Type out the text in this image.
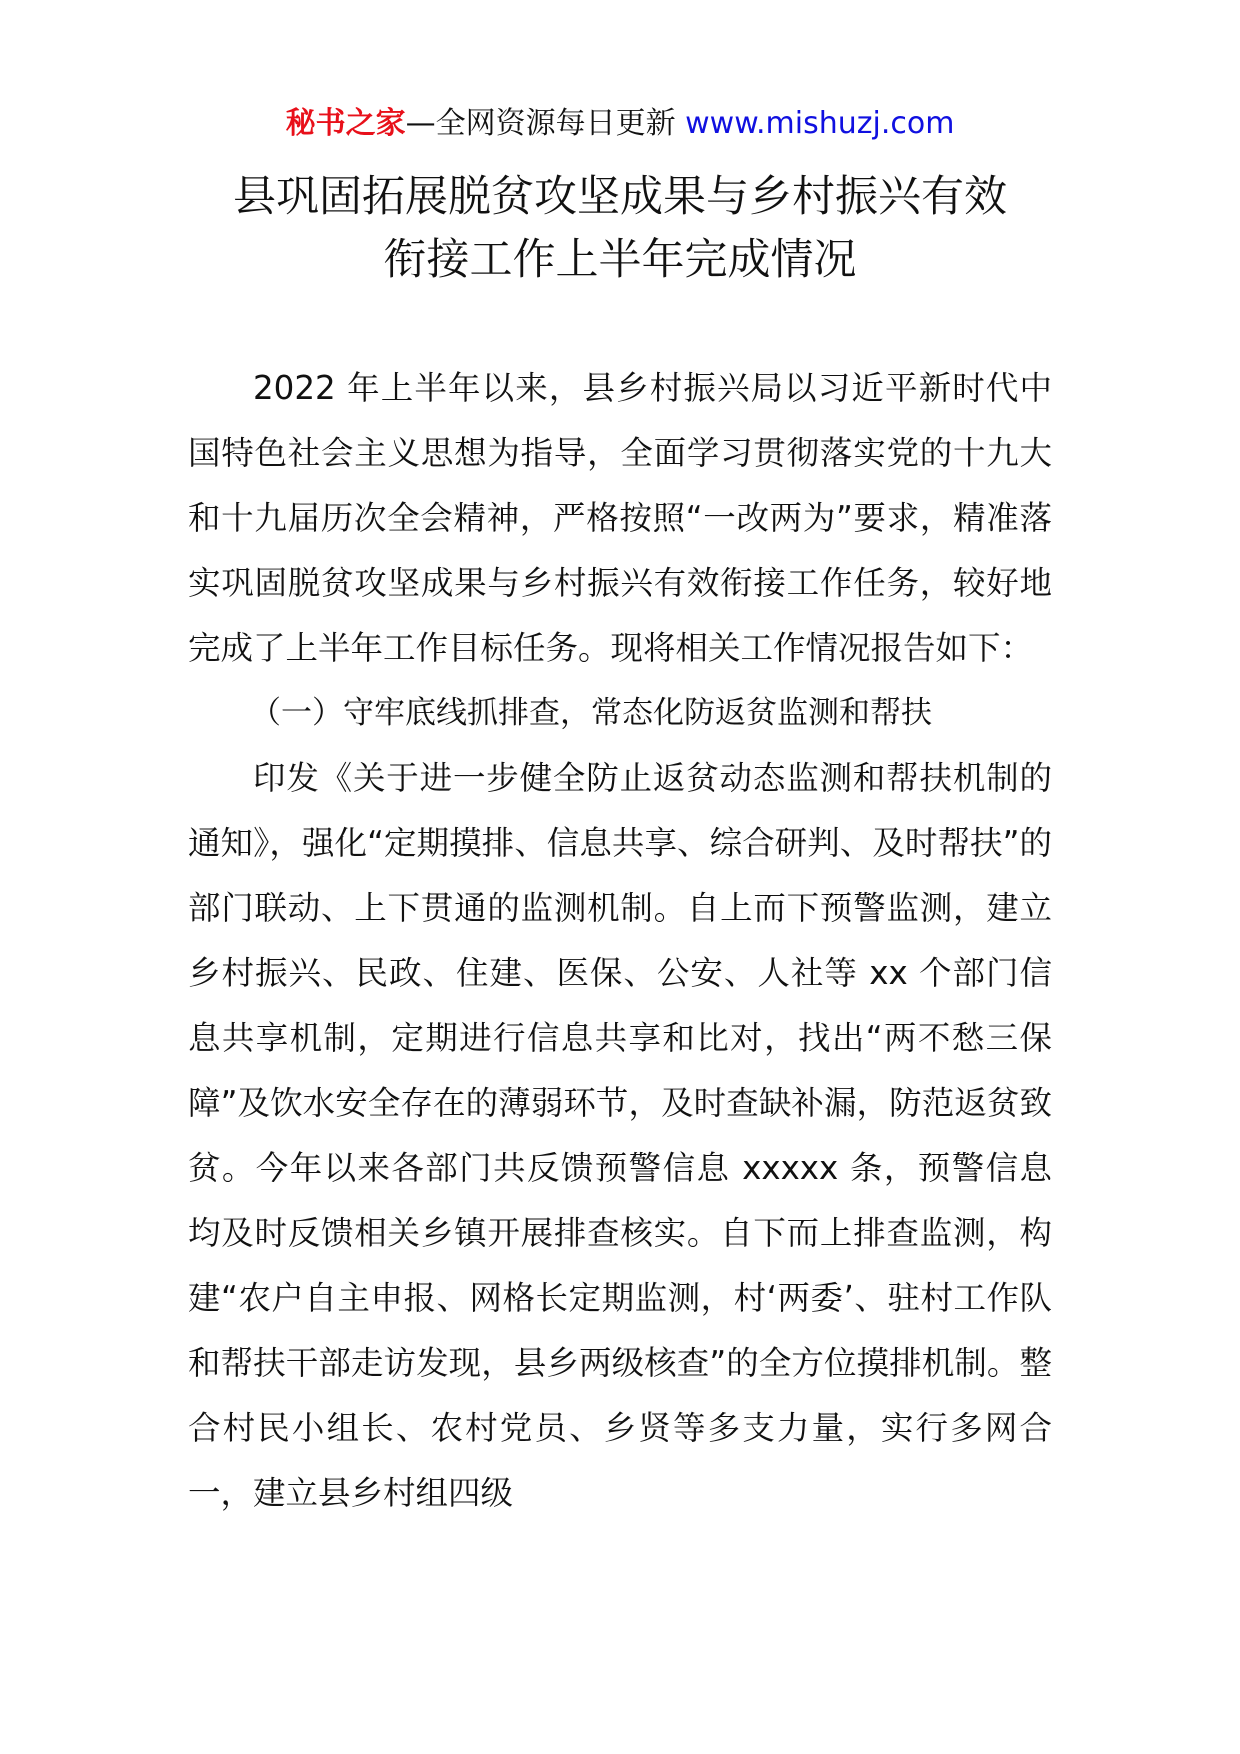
秘书之家—全网资源每日更新 www.mishuzj.com
县巩固拓展脱贫攻坚成果与乡村振兴有效
衔接工作上半年完成情况

2022 年上半年以来，县乡村振兴局以习近平新时代中国特色社会主义思想为指导，全面学习贯彻落实党的十九大和十九届历次全会精神，严格按照“一改两为”要求，精准落实巩固脱贫攻坚成果与乡村振兴有效衔接工作任务，较好地完成了上半年工作目标任务。现将相关工作情况报告如下：

（一）守牢底线抓排查，常态化防返贫监测和帮扶

印发《关于进一步健全防止返贫动态监测和帮扶机制的通知》，强化“定期摸排、信息共享、综合研判、及时帮扶”的部门联动、上下贯通的监测机制。自上而下预警监测，建立乡村振兴、民政、住建、医保、公安、人社等 xx 个部门信息共享机制，定期进行信息共享和比对，找出“两不愁三保障”及饮水安全存在的薄弱环节，及时查缺补漏，防范返贫致贫。今年以来各部门共反馈预警信息 xxxxx 条，预警信息均及时反馈相关乡镇开展排查核实。自下而上排查监测，构建“农户自主申报、网格长定期监测，村‘两委’、驻村工作队和帮扶干部走访发现，县乡两级核查”的全方位摸排机制。整合村民小组长、农村党员、乡贤等多支力量，实行多网合一，建立县乡村组四级
